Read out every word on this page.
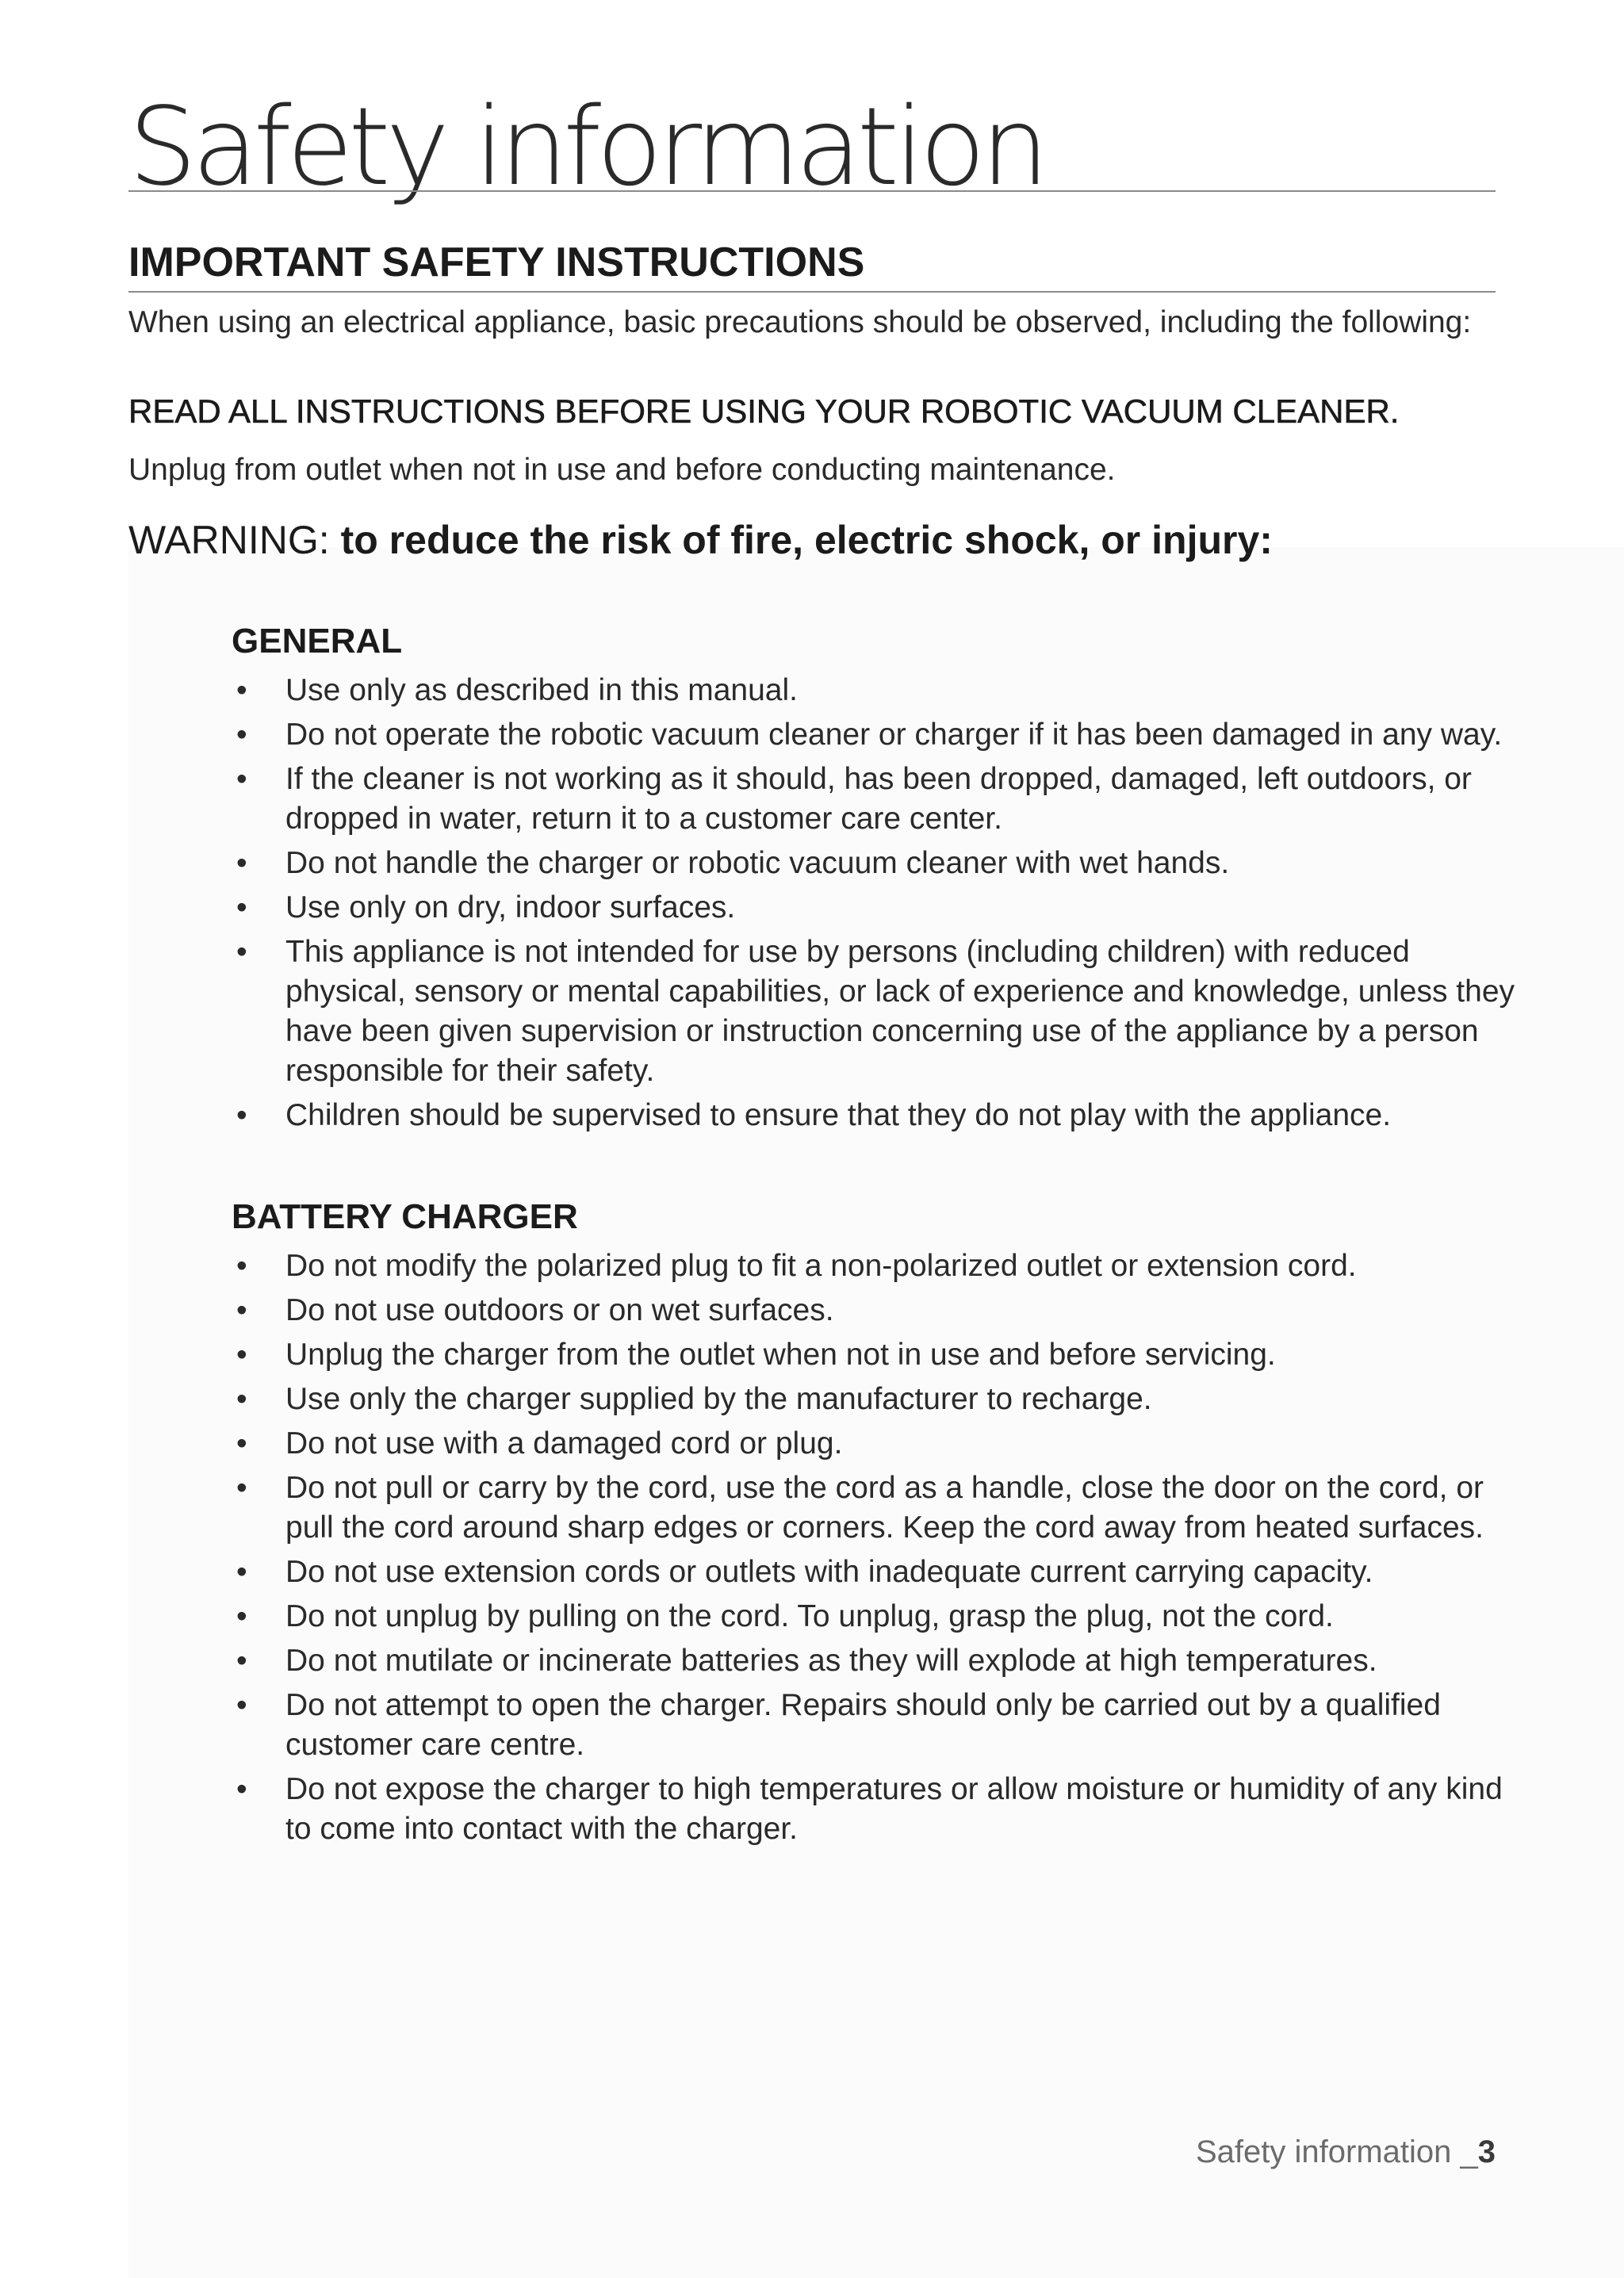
Safety information
IMPORTANT SAFETY INSTRUCTIONS

When using an electrical appliance, basic precautions should be observed, including the following:

READ ALL INSTRUCTIONS BEFORE USING YOUR ROBOTIC VACUUM CLEANER.

Unplug from outlet when not in use and before conducting maintenance.

WARNING: to reduce the risk of fire, electric shock, or injury:

GENERAL
• Use only as described in this manual.
• Do not operate the robotic vacuum cleaner or charger if it has been damaged in any way.
• If the cleaner is not working as it should, has been dropped, damaged, left outdoors, or dropped in water, return it to a customer care center.
• Do not handle the charger or robotic vacuum cleaner with wet hands.
• Use only on dry, indoor surfaces.
• This appliance is not intended for use by persons (including children) with reduced physical, sensory or mental capabilities, or lack of experience and knowledge, unless they have been given supervision or instruction concerning use of the appliance by a person responsible for their safety.
• Children should be supervised to ensure that they do not play with the appliance.
BATTERY CHARGER
• Do not modify the polarized plug to fit a non-polarized outlet or extension cord.
• Do not use outdoors or on wet surfaces.
• Unplug the charger from the outlet when not in use and before servicing.
• Use only the charger supplied by the manufacturer to recharge.
• Do not use with a damaged cord or plug.
• Do not pull or carry by the cord, use the cord as a handle, close the door on the cord, or pull the cord around sharp edges or corners. Keep the cord away from heated surfaces.
• Do not use extension cords or outlets with inadequate current carrying capacity.
• Do not unplug by pulling on the cord. To unplug, grasp the plug, not the cord.
• Do not mutilate or incinerate batteries as they will explode at high temperatures.
• Do not attempt to open the charger. Repairs should only be carried out by a qualified customer care centre.
• Do not expose the charger to high temperatures or allow moisture or humidity of any kind to come into contact with the charger.

Safety information _3
